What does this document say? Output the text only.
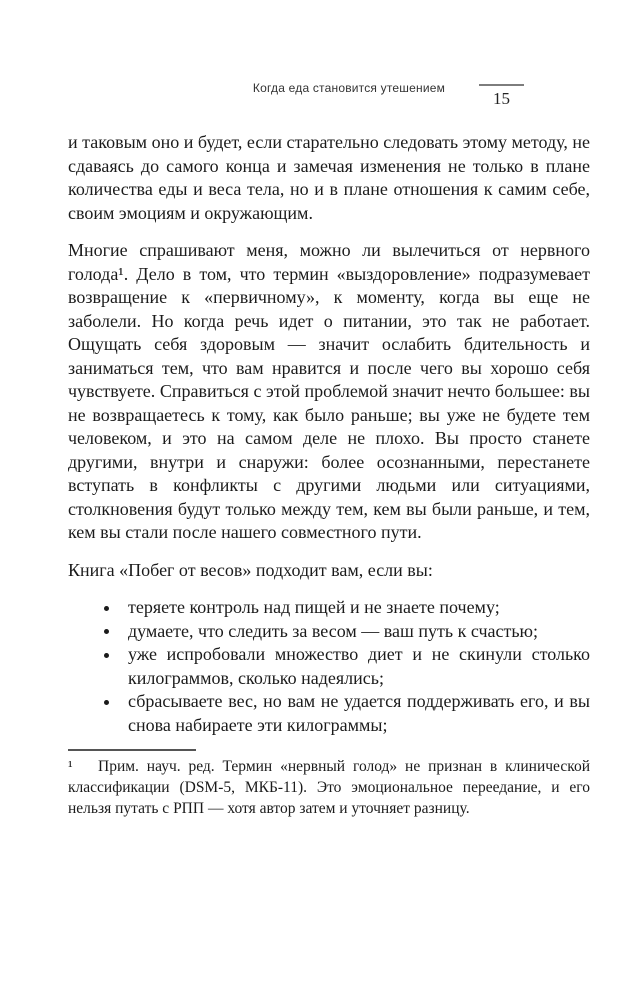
Когда еда становится утешением
15

и таковым оно и будет, если старательно следовать этому методу, не сдаваясь до самого конца и замечая изменения не только в плане количества еды и веса тела, но и в плане отношения к самим себе, своим эмоциям и окружающим.

Многие спрашивают меня, можно ли вылечиться от нервного голода¹. Дело в том, что термин «выздоровление» подразумевает возвращение к «первичному», к моменту, когда вы еще не заболели. Но когда речь идет о питании, это так не работает. Ощущать себя здоровым — значит ослабить бдительность и заниматься тем, что вам нравится и после чего вы хорошо себя чувствуете. Справиться с этой проблемой значит нечто большее: вы не возвращаетесь к тому, как было раньше; вы уже не будете тем человеком, и это на самом деле не плохо. Вы просто станете другими, внутри и снаружи: более осознанными, перестанете вступать в конфликты с другими людьми или ситуациями, столкновения будут только между тем, кем вы были раньше, и тем, кем вы стали после нашего совместного пути.

Книга «Побег от весов» подходит вам, если вы:

теряете контроль над пищей и не знаете почему;
думаете, что следить за весом — ваш путь к счастью;
уже испробовали множество диет и не скинули столько килограммов, сколько надеялись;
сбрасываете вес, но вам не удается поддерживать его, и вы снова набираете эти килограммы;
¹ Прим. науч. ред. Термин «нервный голод» не признан в клинической классификации (DSM-5, МКБ-11). Это эмоциональное переедание, и его нельзя путать с РПП — хотя автор затем и уточняет разницу.
